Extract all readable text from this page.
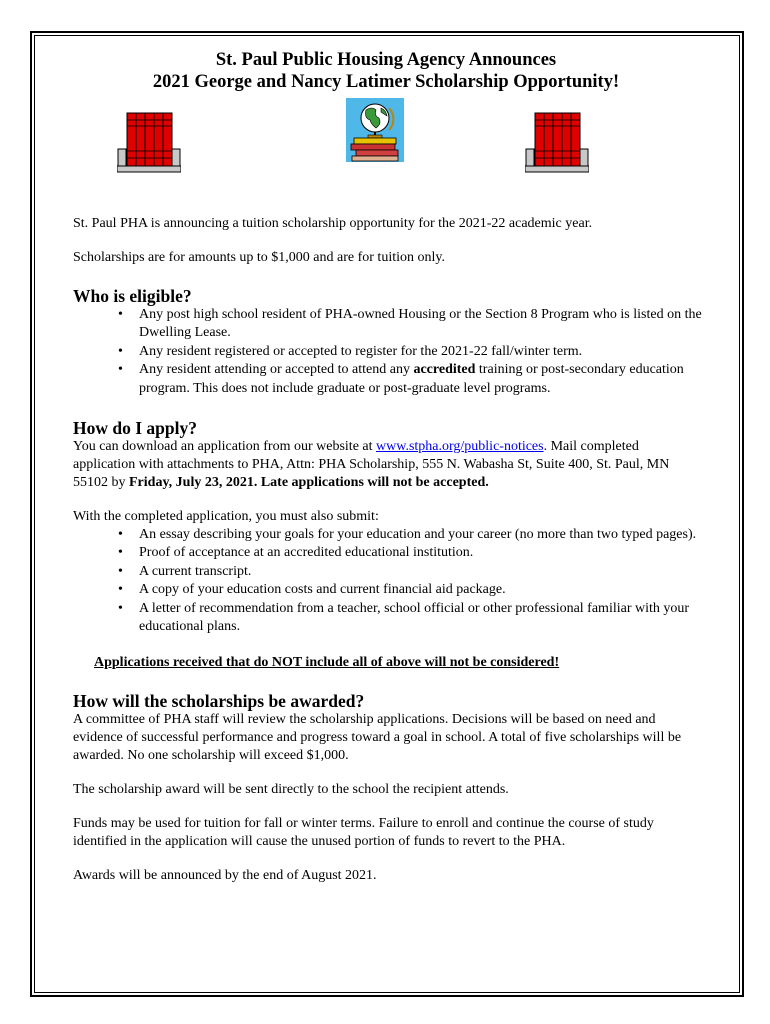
St. Paul Public Housing Agency Announces
2021 George and Nancy Latimer Scholarship Opportunity!

St. Paul PHA is announcing a tuition scholarship opportunity for the 2021-22 academic year.

Scholarships are for amounts up to $1,000 and are for tuition only.

Who is eligible?
• Any post high school resident of PHA-owned Housing or the Section 8 Program who is listed on the Dwelling Lease.
• Any resident registered or accepted to register for the 2021-22 fall/winter term.
• Any resident attending or accepted to attend any accredited training or post-secondary education program. This does not include graduate or post-graduate level programs.
How do I apply?

You can download an application from our website at www.stpha.org/public-notices. Mail completed application with attachments to PHA, Attn: PHA Scholarship, 555 N. Wabasha St, Suite 400, St. Paul, MN 55102 by Friday, July 23, 2021. Late applications will not be accepted.

With the completed application, you must also submit:

• An essay describing your goals for your education and your career (no more than two typed pages).
• Proof of acceptance at an accredited educational institution.
• A current transcript.
• A copy of your education costs and current financial aid package.
• A letter of recommendation from a teacher, school official or other professional familiar with your educational plans.

Applications received that do NOT include all of above will not be considered!

How will the scholarships be awarded?

A committee of PHA staff will review the scholarship applications. Decisions will be based on need and evidence of successful performance and progress toward a goal in school. A total of five scholarships will be awarded. No one scholarship will exceed $1,000.

The scholarship award will be sent directly to the school the recipient attends.

Funds may be used for tuition for fall or winter terms. Failure to enroll and continue the course of study identified in the application will cause the unused portion of funds to revert to the PHA.

Awards will be announced by the end of August 2021.
